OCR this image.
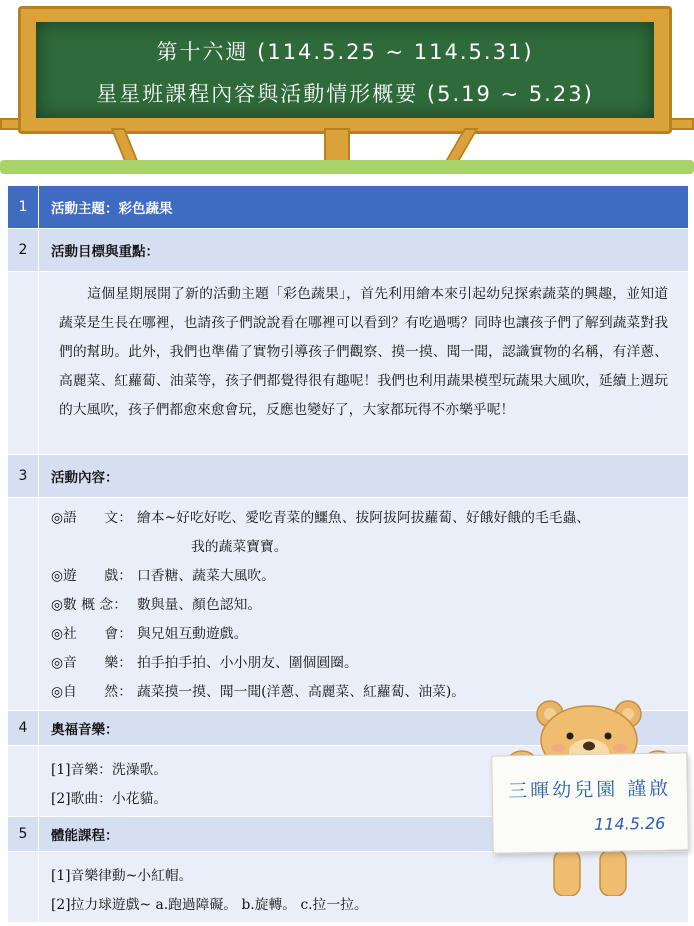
第十六週 (114.5.25 ~ 114.5.31)
星星班課程內容與活動情形概要 (5.19 ~ 5.23)
1	活動主題：彩色蔬果
2	活動目標與重點：
這個星期展開了新的活動主題「彩色蔬果」，首先利用繪本來引起幼兒探索蔬菜的興趣，並知道蔬菜是生長在哪裡，也請孩子們說說看在哪裡可以看到？有吃過嗎？同時也讓孩子們了解到蔬菜對我們的幫助。此外，我們也準備了實物引導孩子們觀察、摸一摸、聞一聞，認識實物的名稱，有洋蔥、高麗菜、紅蘿蔔、油菜等，孩子們都覺得很有趣呢！我們也利用蔬果模型玩蔬果大風吹，延續上週玩的大風吹，孩子們都愈來愈會玩，反應也變好了，大家都玩得不亦樂乎呢！
3	活動內容：
◎語　　文： 繪本~好吃好吃、愛吃青菜的鱷魚、拔阿拔阿拔蘿蔔、好餓好餓的毛毛蟲、
我的蔬菜寶寶。
◎遊　　戲： 口香糖、蔬菜大風吹。
◎數 概 念： 數與量、顏色認知。
◎社　　會： 與兄姐互動遊戲。
◎音　　樂： 拍手拍手拍、小小朋友、圍個圓圈。
◎自　　然： 蔬菜摸一摸、聞一聞(洋蔥、高麗菜、紅蘿蔔、油菜)。
4	奧福音樂：
[1]音樂：洗澡歌。
[2]歌曲：小花貓。
5	體能課程：
[1]音樂律動~小紅帽。
[2]拉力球遊戲~ a.跑過障礙。 b.旋轉。 c.拉一拉。
三暉幼兒園 謹啟
114.5.26
